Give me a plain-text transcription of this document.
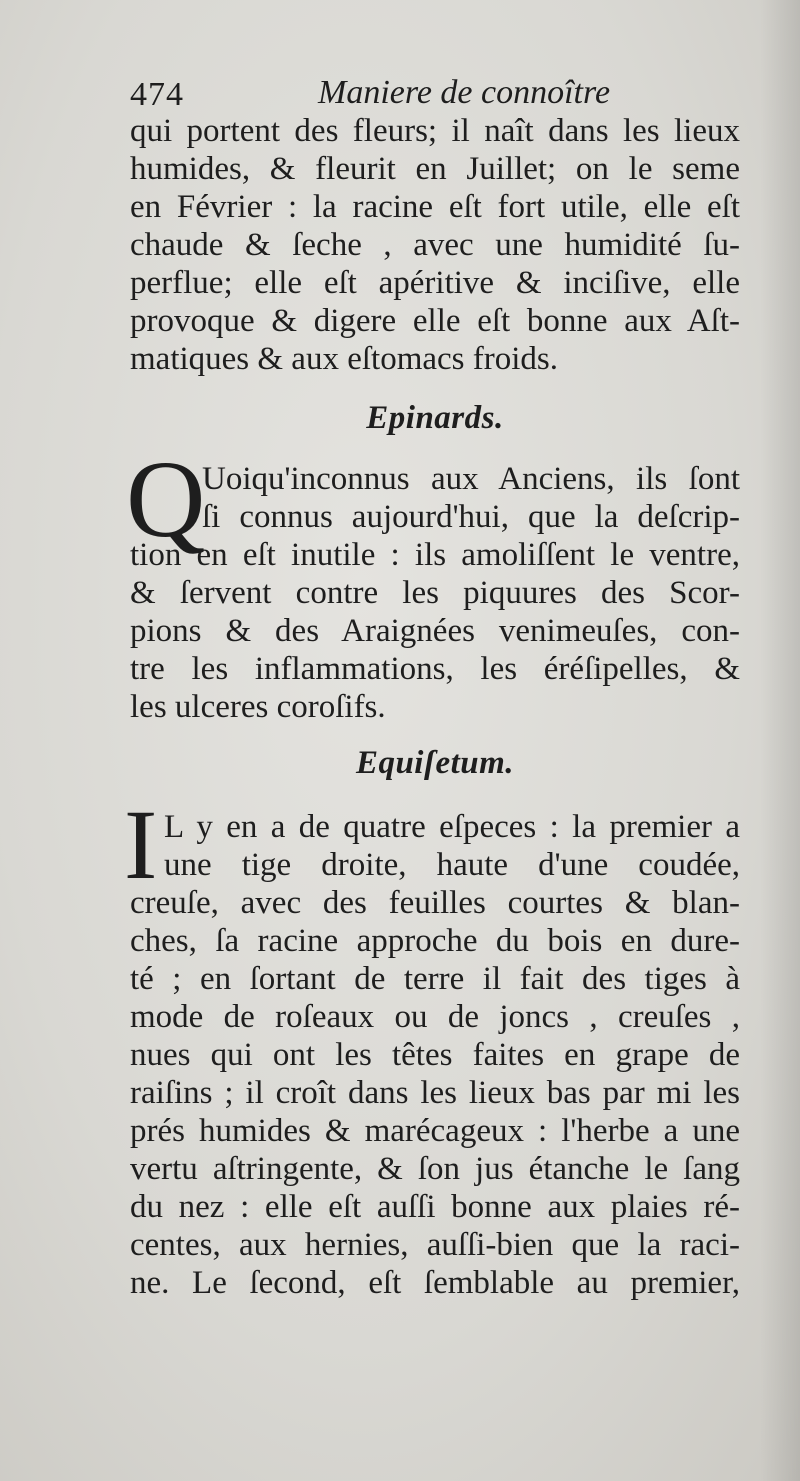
474	Maniere de connoître
qui portent des fleurs; il naît dans les lieux
humides, & fleurit en Juillet; on le seme
en Février : la racine eſt fort utile, elle eſt
chaude & ſeche , avec une humidité ſu-
perflue; elle eſt apéritive & inciſive, elle
provoque & digere elle eſt bonne aux Aſt-
matiques & aux eſtomacs froids.
Epinards.
Q
Uoiqu'inconnus aux Anciens, ils ſont
ſi connus aujourd'hui, que la deſcrip-
tion en eſt inutile : ils amoliſſent le ventre,
& ſervent contre les piquures des Scor-
pions & des Araignées venimeuſes, con-
tre les inflammations, les éréſipelles, &
les ulceres coroſifs.
Equiſetum.
I L y en a de quatre eſpeces : la premier a
une tige droite, haute d'une coudée,
creuſe, avec des feuilles courtes & blan-
ches, ſa racine approche du bois en dure-
té ; en ſortant de terre il fait des tiges à
mode de roſeaux ou de joncs , creuſes ,
nues qui ont les têtes faites en grape de
raiſins ; il croît dans les lieux bas par mi les
prés humides & marécageux : l'herbe a une
vertu aſtringente, & ſon jus étanche le ſang
du nez : elle eſt auſſi bonne aux plaies ré-
centes, aux hernies, auſſi-bien que la raci-
ne. Le ſecond, eſt ſemblable au premier,
